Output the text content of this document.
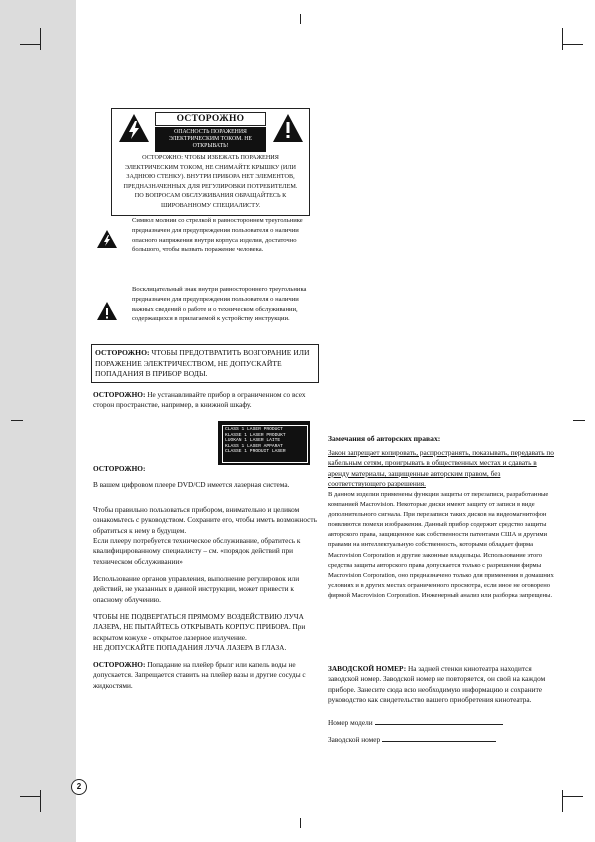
ОСТОРОЖНО
ОПАСНОСТЬ ПОРАЖЕНИЯ ЭЛЕКТРИЧЕСКИМ ТОКОМ. НЕ ОТКРЫВАТЬ!
ОСТОРОЖНО: ЧТОБЫ ИЗБЕЖАТЬ ПОРАЖЕНИЯ ЭЛЕКТРИЧЕСКИМ ТОКОМ, НЕ СНИМАЙТЕ КРЫШКУ (ИЛИ ЗАДНЮЮ СТЕНКУ). ВНУТРИ ПРИБОРА НЕТ ЭЛЕМЕНТОВ, ПРЕДНАЗНАЧЕННЫХ ДЛЯ РЕГУЛИРОВКИ ПОТРЕБИТЕЛЕМ. ПО ВОПРОСАМ ОБСЛУЖИВАНИЯ ОБРАЩАЙТЕСЬ К ШИРОВАННОМУ СПЕЦИАЛИСТУ.
Символ молнии со стрелкой в равностороннем треугольнике предназначен для предупреждения пользователя о наличии опасного напряжения внутри корпуса изделия, достаточно большого, чтобы вызвать поражение человека.
Восклицательный знак внутри равностороннего треугольника предназначен для предупреждения пользователя о наличии важных сведений о работе и о техническом обслуживании, содержащихся в прилагаемой к устройству инструкции.
ОСТОРОЖНО: ЧТОБЫ ПРЕДОТВРАТИТЬ ВОЗГОРАНИЕ ИЛИ ПОРАЖЕНИЕ ЭЛЕКТРИЧЕСТВОМ, НЕ ДОПУСКАЙТЕ ПОПАДАНИЯ В ПРИБОР ВОДЫ.
ОСТОРОЖНО: Не устанавливайте прибор в ограниченном со всех сторон пространстве, например, в книжной шкафу.
CLASS 1 LASER PRODUCT
KLASSE 1 LASER PRODUKT
LUOKAN 1 LASER LAITE
KLASS 1 LASER APPARAT
CLASSE 1 PRODUIT LASER
ОСТОРОЖНО:
В вашем цифровом плеере DVD/CD имеется лазерная система.
Чтобы правильно пользоваться прибором, внимательно и целиком ознакомьтесь с руководством. Сохраните его, чтобы иметь возможность обратиться к нему в будущем.
Если плееру потребуется техническое обслуживание, обратитесь к квалифицированному специалисту – см. «порядок действий при техническом обслуживании»
Использование органов управления, выполнение регулировок или действий, не указанных в данной инструкции, может привести к опасному облучению.
ЧТОБЫ НЕ ПОДВЕРГАТЬСЯ ПРЯМОМУ ВОЗДЕЙСТВИЮ ЛУЧА ЛАЗЕРА, НЕ ПЫТАЙТЕСЬ ОТКРЫВАТЬ КОРПУС ПРИБОРА. При вскрытом кожухе - открытое лазерное излучение.
НЕ ДОПУСКАЙТЕ ПОПАДАНИЯ ЛУЧА ЛАЗЕРА В ГЛАЗА.
ОСТОРОЖНО: Попадание на плейер брызг или капель воды не допускается. Запрещается ставить на плейер вазы и другие сосуды с жидкостями.
Замечания об авторских правах:
Закон запрещает копировать, распространять, показывать, передавать по кабельным сетям, проигрывать в общественных местах и сдавать в аренду материалы, защищенные авторским правом, без соответствующего разрешения.
В данном изделии применены функции защиты от перезаписи, разработанные компанией Macrovision. Некоторые диски имеют защиту от записи в виде дополнительного сигнала. При перезаписи таких дисков на видеомагнитофон появляются помехи изображения. Данный прибор содержит средство защиты авторского права, защищенное как собственности патентами США и другими правами на интеллектуальную собственность, которыми обладает фирма Macrovision Corporation и другие законные владельцы. Использование этого средства защиты авторского права допускается только с разрешения фирмы Macrovision Corporation, оно предназначено только для применения в домашних условиях и в других местах ограниченного просмотра, если иное не оговорено фирмой Macrovision Corporation. Инженерный анализ или разборка запрещены.
ЗАВОДСКОЙ НОМЕР: На задней стенки кинотеатра находится заводской номер. Заводской номер не повторяется, он свой на каждом приборе. Занесите сюда всю необходимую информацию и сохраните руководство как свидетельство вашего приобретения кинотеатра.
Номер модели
Заводской номер
2
